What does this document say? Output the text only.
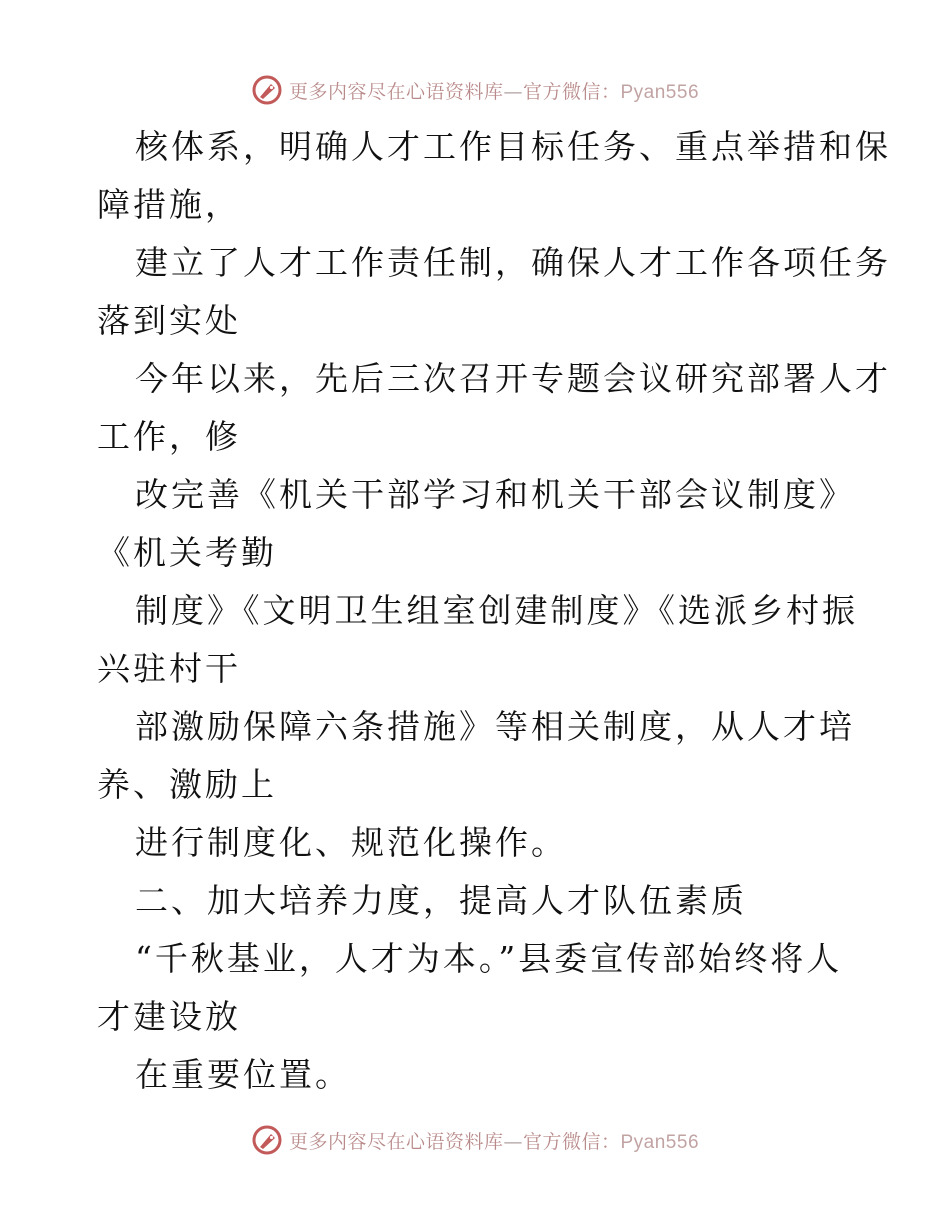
更多内容尽在心语资料库—官方微信：Pyan556
核体系，明确人才工作目标任务、重点举措和保
障措施，
建立了人才工作责任制，确保人才工作各项任务
落到实处
今年以来，先后三次召开专题会议研究部署人才
工作，修
改完善《机关干部学习和机关干部会议制度》
《机关考勤
制度》《文明卫生组室创建制度》《选派乡村振
兴驻村干
部激励保障六条措施》等相关制度，从人才培
养、激励上
进行制度化、规范化操作。
二、加大培养力度，提高人才队伍素质
“千秋基业，人才为本。”县委宣传部始终将人
才建设放
在重要位置。
更多内容尽在心语资料库—官方微信：Pyan556
